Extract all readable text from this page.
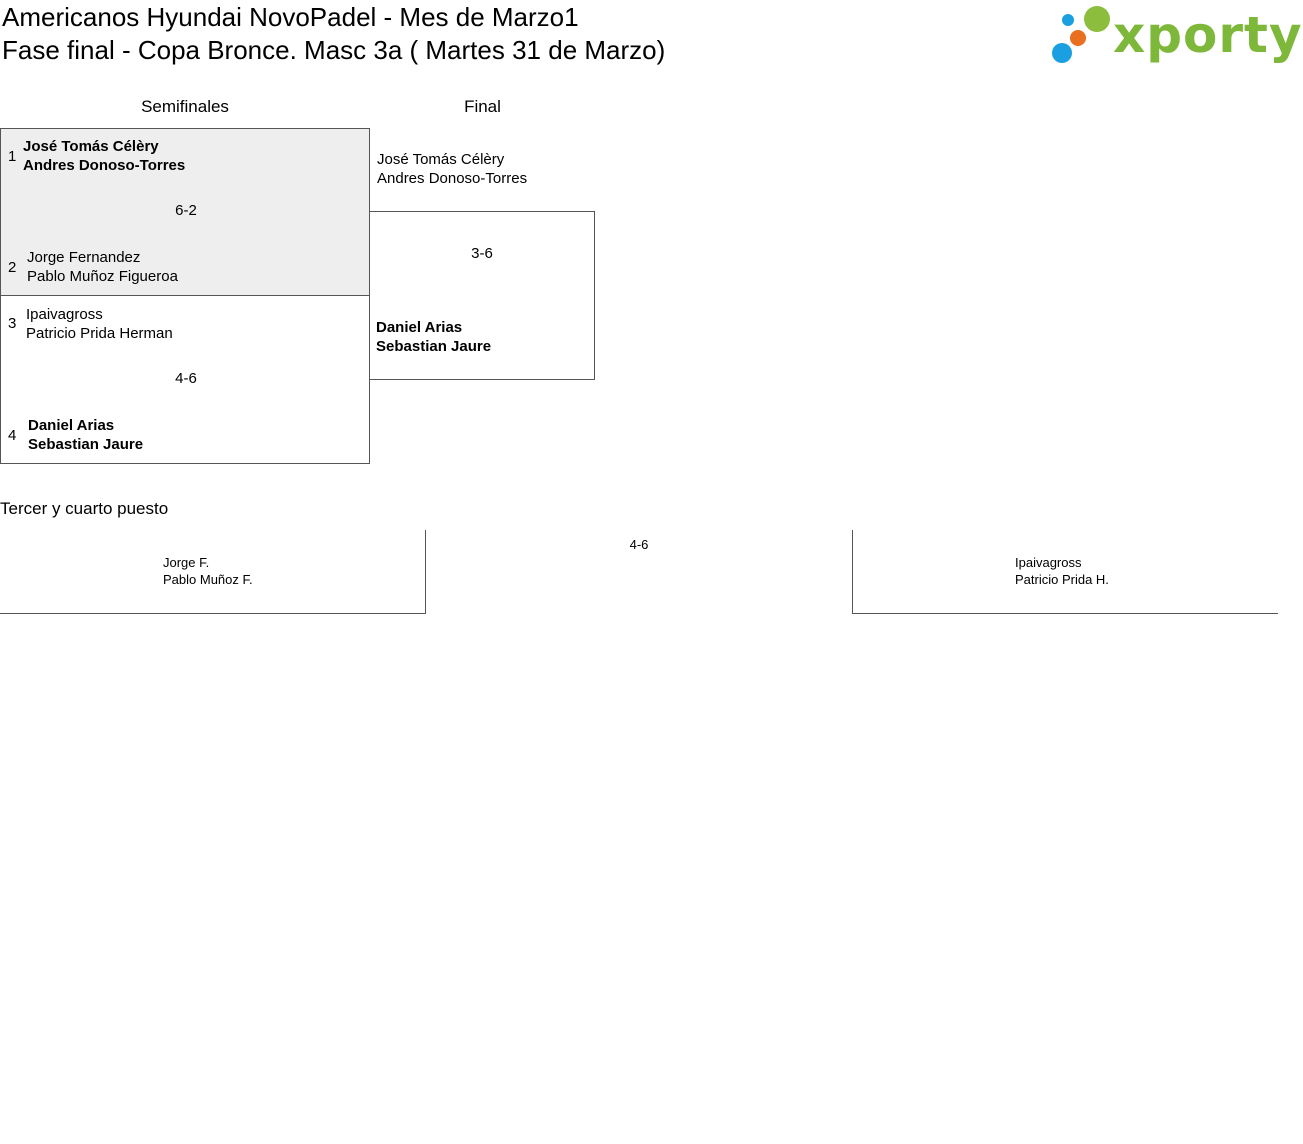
Americanos Hyundai NovoPadel - Mes de Marzo1
Fase final - Copa Bronce. Masc 3a ( Martes 31 de Marzo)	xporty
Semifinales	Final
1
José Tomás Célèry
Andres Donoso-Torres
6-2
2
Jorge Fernandez
Pablo Muñoz Figueroa
3
Ipaivagross
Patricio Prida Herman
4-6
4
Daniel Arias
Sebastian Jaure
José Tomás Célèry
Andres Donoso-Torres
3-6
Daniel Arias
Sebastian Jaure
Tercer y cuarto puesto
Jorge F.
Pablo Muñoz F.
4-6
Ipaivagross
Patricio Prida H.
